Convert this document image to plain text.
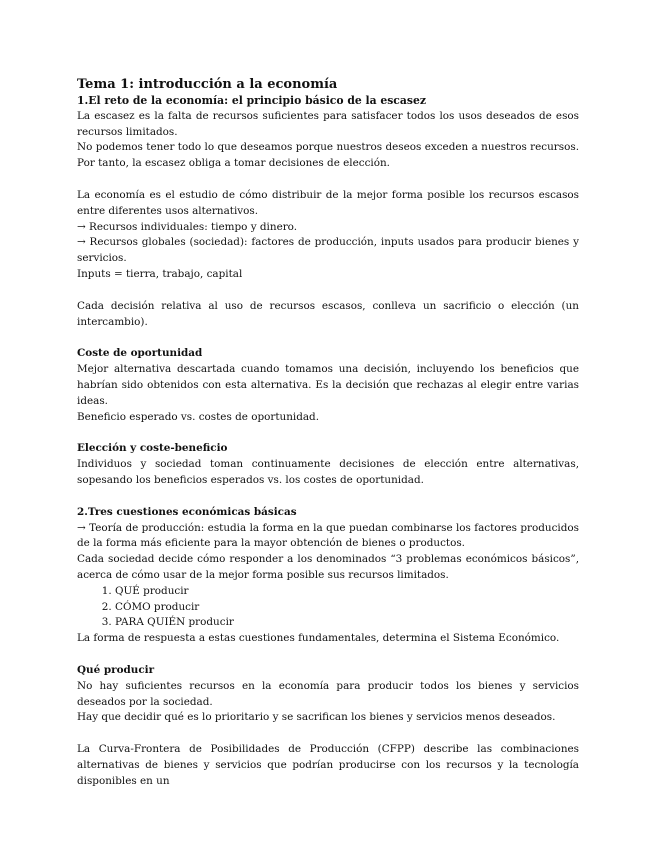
Tema 1: introducción a la economía

1.El reto de la economía: el principio básico de la escasez

La escasez es la falta de recursos suficientes para satisfacer todos los usos deseados de esos recursos limitados.

No podemos tener todo lo que deseamos porque nuestros deseos exceden a nuestros recursos. Por tanto, la escasez obliga a tomar decisiones de elección.

La economía es el estudio de cómo distribuir de la mejor forma posible los recursos escasos entre diferentes usos alternativos.

→ Recursos individuales: tiempo y dinero.

→ Recursos globales (sociedad): factores de producción, inputs usados para producir bienes y servicios.

Inputs = tierra, trabajo, capital

Cada decisión relativa al uso de recursos escasos, conlleva un sacrificio o elección (un intercambio).

Coste de oportunidad

Mejor alternativa descartada cuando tomamos una decisión, incluyendo los beneficios que habrían sido obtenidos con esta alternativa. Es la decisión que rechazas al elegir entre varias ideas.

Beneficio esperado vs. costes de oportunidad.

Elección y coste-beneficio

Individuos y sociedad toman continuamente decisiones de elección entre alternativas, sopesando los beneficios esperados vs. los costes de oportunidad.

2.Tres cuestiones económicas básicas

→ Teoría de producción: estudia la forma en la que puedan combinarse los factores producidos de la forma más eficiente para la mayor obtención de bienes o productos.

Cada sociedad decide cómo responder a los denominados “3 problemas económicos básicos”, acerca de cómo usar de la mejor forma posible sus recursos limitados.

1. QUÉ producir
2. CÓMO producir
3. PARA QUIÉN producir

La forma de respuesta a estas cuestiones fundamentales, determina el Sistema Económico.

Qué producir

No hay suficientes recursos en la economía para producir todos los bienes y servicios deseados por la sociedad.

Hay que decidir qué es lo prioritario y se sacrifican los bienes y servicios menos deseados.

La Curva-Frontera de Posibilidades de Producción (CFPP) describe las combinaciones alternativas de bienes y servicios que podrían producirse con los recursos y la tecnología disponibles en un
